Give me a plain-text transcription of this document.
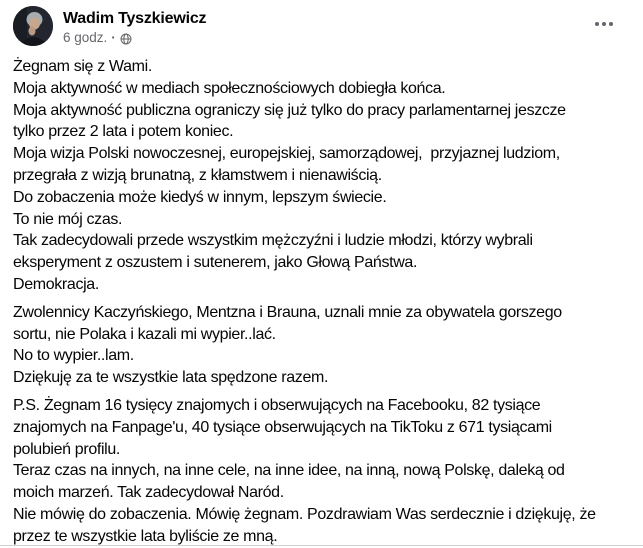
Wadim Tyszkiewicz
6 godz. ·
Żegnam się z Wami.
Moja aktywność w mediach społecznościowych dobiegła końca.
Moja aktywność publiczna ograniczy się już tylko do pracy parlamentarnej jeszcze
tylko przez 2 lata i potem koniec.
Moja wizja Polski nowoczesnej, europejskiej, samorządowej,  przyjaznej ludziom,
przegrała z wizją brunatną, z kłamstwem i nienawiścią.
Do zobaczenia może kiedyś w innym, lepszym świecie.
To nie mój czas.
Tak zadecydowali przede wszystkim mężczyźni i ludzie młodzi, którzy wybrali
eksperyment z oszustem i sutenerem, jako Głową Państwa.
Demokracja.
Zwolennicy Kaczyńskiego, Mentzna i Brauna, uznali mnie za obywatela gorszego
sortu, nie Polaka i kazali mi wypier..lać.
No to wypier..lam.
Dziękuję za te wszystkie lata spędzone razem.
P.S. Żegnam 16 tysięcy znajomych i obserwujących na Facebooku, 82 tysiące
znajomych na Fanpage'u, 40 tysiące obserwujących na TikToku z 671 tysiącami
polubień profilu.
Teraz czas na innych, na inne cele, na inne idee, na inną, nową Polskę, daleką od
moich marzeń. Tak zadecydował Naród.
Nie mówię do zobaczenia. Mówię żegnam. Pozdrawiam Was serdecznie i dziękuję, że
przez te wszystkie lata byliście ze mną.
